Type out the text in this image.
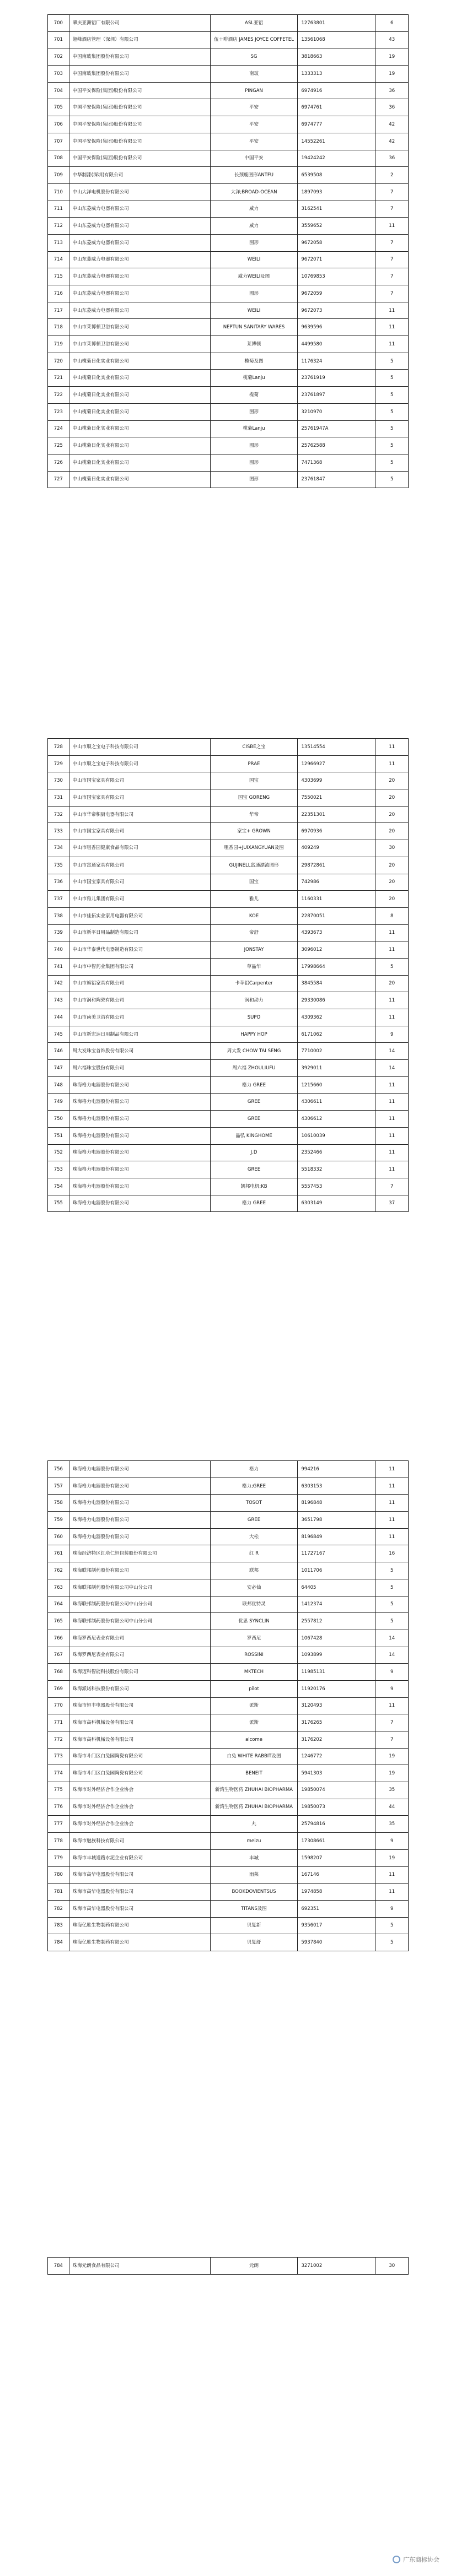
700	肇庆亚洲铝厂有限公司	ASL亚铝	12763801	6
701	超峰酒店管理（深圳）有限公司	伍＋啡酒店 JAMES JOYCE COFFETEL	13561068	43
702	中国南玻集团股份有限公司	SG	3818663	19
703	中国南玻集团股份有限公司	南玻	1333313	19
704	中国平安保险(集团)股份有限公司	PINGAN	6974916	36
705	中国平安保险(集团)股份有限公司	平安	6974761	36
706	中国平安保险(集团)股份有限公司	平安	6974777	42
707	中国平安保险(集团)股份有限公司	平安	14552261	42
708	中国平安保险(集团)股份有限公司	中国平安	19424242	36
709	中华制漆(深圳)有限公司	长颈鹿图形ANTFU	6539508	2
710	中山大洋电机股份有限公司	大洋;BROAD-OCEAN	1897093	7
711	中山东菱威力电器有限公司	威力	3162541	7
712	中山东菱威力电器有限公司	威力	3559652	11
713	中山东菱威力电器有限公司	图形	9672058	7
714	中山东菱威力电器有限公司	WEILI	9672071	7
715	中山东菱威力电器有限公司	威力WEILI及图	10769853	7
716	中山东菱威力电器有限公司	图形	9672059	7
717	中山东菱威力电器有限公司	WEILI	9672073	11
718	中山市莱博顿卫浴有限公司	NEPTUN SANITARY WARES	9639596	11
719	中山市莱博顿卫浴有限公司	莱博顿	4499580	11
720	中山榄菊日化实业有限公司	榄菊及图	1176324	5
721	中山榄菊日化实业有限公司	榄菊Lanju	23761919	5
722	中山榄菊日化实业有限公司	榄菊	23761897	5
723	中山榄菊日化实业有限公司	图形	3210970	5
724	中山榄菊日化实业有限公司	榄菊Lanju	25761947A	5
725	中山榄菊日化实业有限公司	图形	25762588	5
726	中山榄菊日化实业有限公司	图形	7471368	5
727	中山榄菊日化实业有限公司	图形	23761847	5
728	中山市顺之宝电子科技有限公司	CISBE之宝	13514554	11
729	中山市顺之宝电子科技有限公司	PRAE	12966927	11
730	中山市国宝家具有限公司	国宝	4303699	20
731	中山市国宝家具有限公司	国宝 GORENG	7550021	20
732	中山市华帝积厨电器有限公司	华帝	22351301	20
733	中山市国宝家具有限公司	家宝+ GROWN	6970936	20
734	中山市咀香园健康食品有限公司	咀香园+JUIXANGYUAN及图	409249	30
735	中山市富通家具有限公司	GUJINELL富通漂流图形	29872861	20
736	中山市国宝家具有限公司	国宝	742986	20
737	中山市雅儿集团有限公司	雅儿	1160331	20
738	中山市佳拓实业家用电器有限公司	KOE	22870051	8
739	中山市新平日用品制造有限公司	帝舒	4393673	11
740	中山市华泰世代电器制造有限公司	JONSTAY	3096012	11
741	中山市中智药业集团有限公司	草晶华	17998664	5
742	中山市旗铝家具有限公司	卡苹铝Carpenter	3845584	20
743	中山市润和陶瓷有限公司	润和动力	29330086	11
744	中山市尚美卫浴有限公司	SUPO	4309362	11
745	中山市新宏达日用制品有限公司	HAPPY HOP	6171062	9
746	周大发珠宝首饰股份有限公司	周大发 CHOW TAI SENG	7710002	14
747	周六福珠宝股份有限公司	周六福 ZHOULIUFU	3929011	14
748	珠海格力电器股份有限公司	格力 GREE	1215660	11
749	珠海格力电器股份有限公司	GREE	4306611	11
750	珠海格力电器股份有限公司	GREE	4306612	11
751	珠海格力电器股份有限公司	晶弘 KINGHOME	10610039	11
752	珠海格力电器股份有限公司	J.D	2352466	11
753	珠海格力电器股份有限公司	GREE	5518332	11
754	珠海格力电器股份有限公司	凯邦电机;KB	5557453	7
755	珠海格力电器股份有限公司	格力 GREE	6303149	37
756	珠海格力电器股份有限公司	格力	994216	11
757	珠海格力电器股份有限公司	格力;GREE	6303153	11
758	珠海格力电器股份有限公司	TOSOT	8196848	11
759	珠海格力电器股份有限公司	GREE	3651798	11
760	珠海格力电器股份有限公司	大松	8196849	11
761	珠海经济特区红塔仁恒包装股份有限公司	红 R	11727167	16
762	珠海联邦制药股份有限公司	联邦	1011706	5
763	珠海联邦制药股份有限公司中山分公司	安必仙	64405	5
764	珠海联邦制药股份有限公司中山分公司	联邦优特灵	1412374	5
765	珠海联邦制药股份有限公司中山分公司	优思 SYNCLIN	2557812	5
766	珠海罗西尼表业有限公司	罗西尼	1067428	14
767	珠海罗西尼表业有限公司	ROSSINI	1093899	14
768	珠海迈科智能科技股份有限公司	MKTECH	11985131	9
769	珠海派诺科技股份有限公司	pilot	11920176	9
770	珠海市恒丰电器股份有限公司	派斯	3120493	11
771	珠海市高科机械设备有限公司	派斯	3176265	7
772	珠海市高科机械设备有限公司	alcome	3176202	7
773	珠海市斗门区白兔园陶瓷有限公司	白兔 WHITE RABBIT及图	1246772	19
774	珠海市斗门区白兔园陶瓷有限公司	BENEIT	5941303	19
775	珠海市对外经济合作企业协会	新湾生物医药 ZHUHAI BIOPHARMA	19850074	35
776	珠海市对外经济合作企业协会	新湾生物医药 ZHUHAI BIOPHARMA	19850073	44
777	珠海市对外经济合作企业协会	丸	25794816	35
778	珠海市魅族科技有限公司	meizu	17308661	9
779	珠海市丰城道路水泥企业有限公司	丰城	1598207	19
780	珠海市高华电器股份有限公司	雨莱	167146	11
781	珠海市高华电器股份有限公司	BOOKDOVIENTSUS	1974858	11
782	珠海市高华电器股份有限公司	TITANS及图	692351	9
783	珠海亿胜生物制药有限公司	贝复新	9356017	5
784	珠海亿胜生物制药有限公司	贝复舒	5937840	5
784	珠海元朗食品有限公司	元朗	3271002	30
广东商标协会
